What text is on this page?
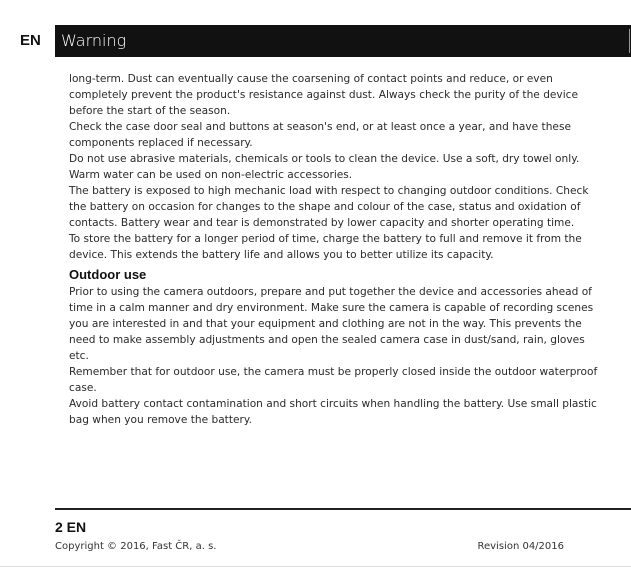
EN	Warning

long-term. Dust can eventually cause the coarsening of contact points and reduce, or even completely prevent the product's resistance against dust. Always check the purity of the device before the start of the season.

Check the case door seal and buttons at season's end, or at least once a year, and have these components replaced if necessary.

Do not use abrasive materials, chemicals or tools to clean the device. Use a soft, dry towel only. Warm water can be used on non-electric accessories.

The battery is exposed to high mechanic load with respect to changing outdoor conditions. Check the battery on occasion for changes to the shape and colour of the case, status and oxidation of contacts. Battery wear and tear is demonstrated by lower capacity and shorter operating time.

To store the battery for a longer period of time, charge the battery to full and remove it from the device. This extends the battery life and allows you to better utilize its capacity.

Outdoor use

Prior to using the camera outdoors, prepare and put together the device and accessories ahead of time in a calm manner and dry environment. Make sure the camera is capable of recording scenes you are interested in and that your equipment and clothing are not in the way. This prevents the need to make assembly adjustments and open the sealed camera case in dust/sand, rain, gloves etc.

Remember that for outdoor use, the camera must be properly closed inside the outdoor waterproof case.

Avoid battery contact contamination and short circuits when handling the battery. Use small plastic bag when you remove the battery.

2 EN
Copyright © 2016, Fast ČR, a. s.	Revision 04/2016
